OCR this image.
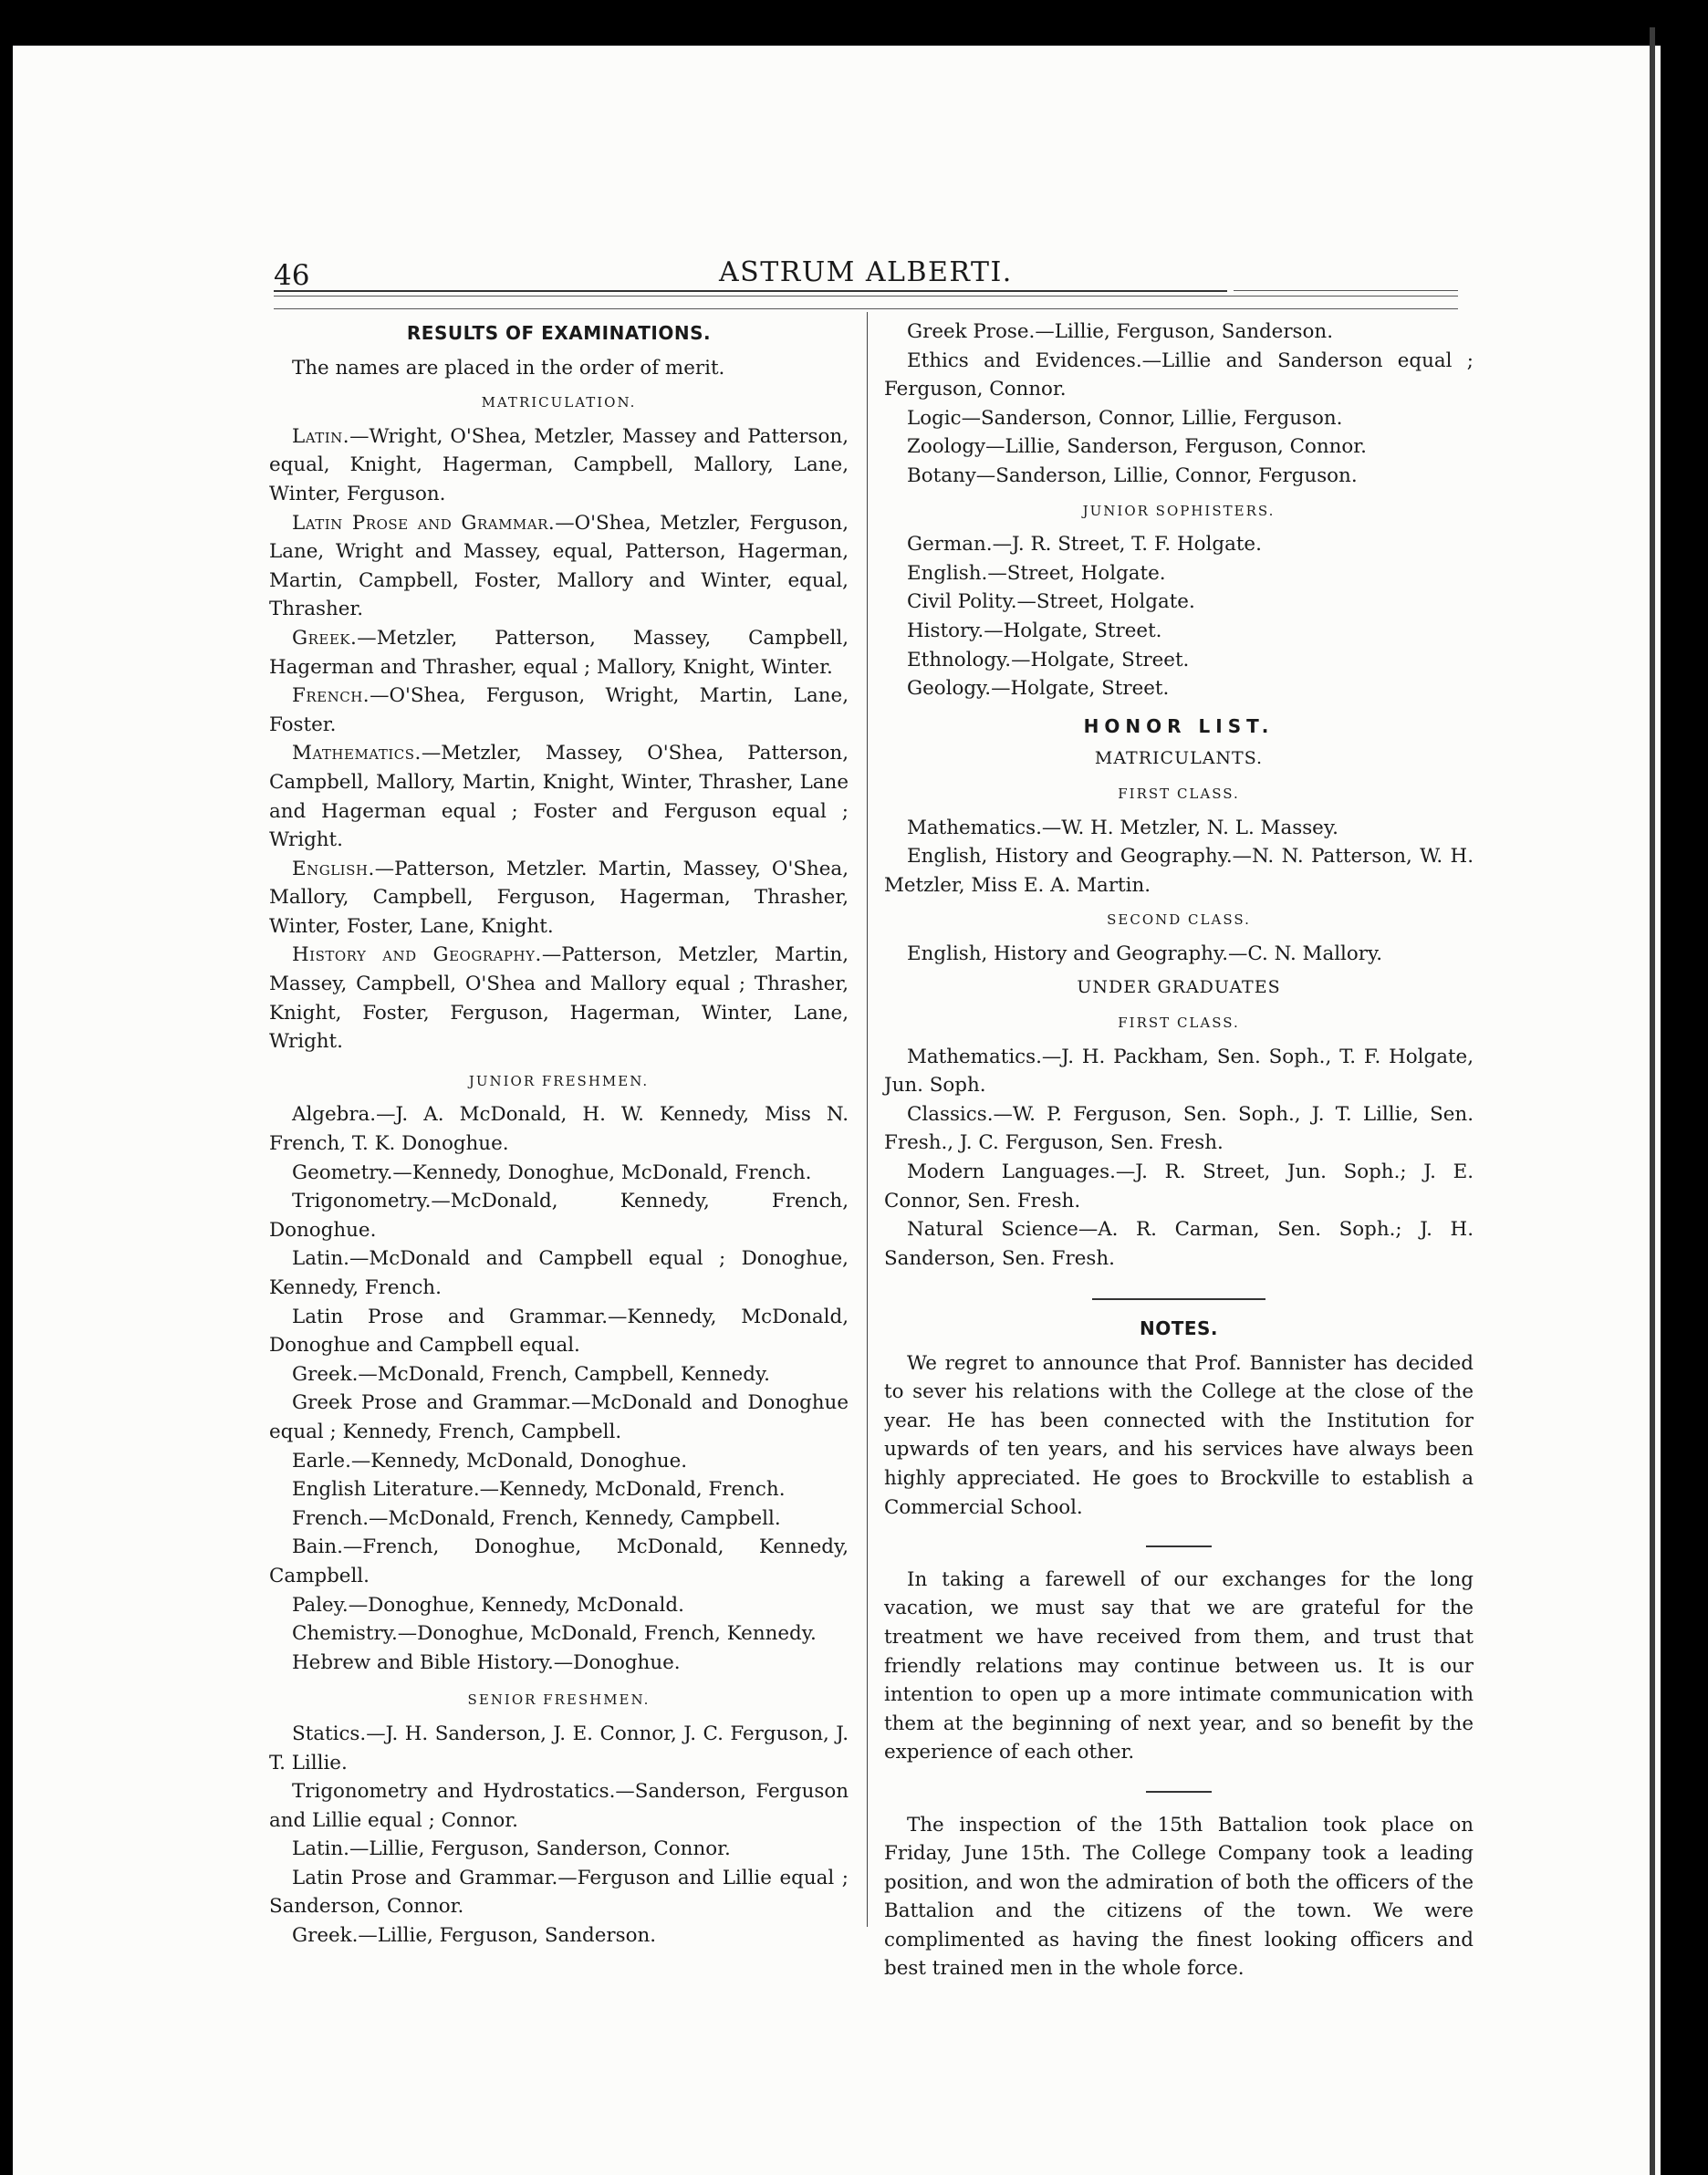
46	ASTRUM ALBERTI.
RESULTS OF EXAMINATIONS.

The names are placed in the order of merit.

MATRICULATION.

Latin.—Wright, O'Shea, Metzler, Massey and Patterson, equal, Knight, Hagerman, Campbell, Mallory, Lane, Winter, Ferguson.

Latin Prose and Grammar.—O'Shea, Metzler, Ferguson, Lane, Wright and Massey, equal, Patterson, Hagerman, Martin, Campbell, Foster, Mallory and Winter, equal, Thrasher.

Greek.—Metzler, Patterson, Massey, Campbell, Hagerman and Thrasher, equal ; Mallory, Knight, Winter.

French.—O'Shea, Ferguson, Wright, Martin, Lane, Foster.

Mathematics.—Metzler, Massey, O'Shea, Patterson, Campbell, Mallory, Martin, Knight, Winter, Thrasher, Lane and Hagerman equal ; Foster and Ferguson equal ; Wright.

English.—Patterson, Metzler. Martin, Massey, O'Shea, Mallory, Campbell, Ferguson, Hagerman, Thrasher, Winter, Foster, Lane, Knight.

History and Geography.—Patterson, Metzler, Martin, Massey, Campbell, O'Shea and Mallory equal ; Thrasher, Knight, Foster, Ferguson, Hagerman, Winter, Lane, Wright.

JUNIOR FRESHMEN.

Algebra.—J. A. McDonald, H. W. Kennedy, Miss N. French, T. K. Donoghue.

Geometry.—Kennedy, Donoghue, McDonald, French.

Trigonometry.—McDonald, Kennedy, French, Donoghue.

Latin.—McDonald and Campbell equal ; Donoghue, Kennedy, French.

Latin Prose and Grammar.—Kennedy, McDonald, Donoghue and Campbell equal.

Greek.—McDonald, French, Campbell, Kennedy.

Greek Prose and Grammar.—McDonald and Donoghue equal ; Kennedy, French, Campbell.

Earle.—Kennedy, McDonald, Donoghue.

English Literature.—Kennedy, McDonald, French.

French.—McDonald, French, Kennedy, Campbell.

Bain.—French, Donoghue, McDonald, Kennedy, Campbell.

Paley.—Donoghue, Kennedy, McDonald.

Chemistry.—Donoghue, McDonald, French, Kennedy.

Hebrew and Bible History.—Donoghue.

SENIOR FRESHMEN.

Statics.—J. H. Sanderson, J. E. Connor, J. C. Ferguson, J. T. Lillie.

Trigonometry and Hydrostatics.—Sanderson, Ferguson and Lillie equal ; Connor.

Latin.—Lillie, Ferguson, Sanderson, Connor.

Latin Prose and Grammar.—Ferguson and Lillie equal ; Sanderson, Connor.

Greek.—Lillie, Ferguson, Sanderson.

Greek Prose.—Lillie, Ferguson, Sanderson.

Ethics and Evidences.—Lillie and Sanderson equal ; Ferguson, Connor.

Logic—Sanderson, Connor, Lillie, Ferguson.

Zoology—Lillie, Sanderson, Ferguson, Connor.

Botany—Sanderson, Lillie, Connor, Ferguson.

JUNIOR SOPHISTERS.

German.—J. R. Street, T. F. Holgate.

English.—Street, Holgate.

Civil Polity.—Street, Holgate.

History.—Holgate, Street.

Ethnology.—Holgate, Street.

Geology.—Holgate, Street.

HONOR LIST.
MATRICULANTS.
FIRST CLASS.

Mathematics.—W. H. Metzler, N. L. Massey.

English, History and Geography.—N. N. Patterson, W. H. Metzler, Miss E. A. Martin.

SECOND CLASS.

English, History and Geography.—C. N. Mallory.

UNDER GRADUATES
FIRST CLASS.

Mathematics.—J. H. Packham, Sen. Soph., T. F. Holgate, Jun. Soph.

Classics.—W. P. Ferguson, Sen. Soph., J. T. Lillie, Sen. Fresh., J. C. Ferguson, Sen. Fresh.

Modern Languages.—J. R. Street, Jun. Soph.; J. E. Connor, Sen. Fresh.

Natural Science—A. R. Carman, Sen. Soph.; J. H. Sanderson, Sen. Fresh.

NOTES.

We regret to announce that Prof. Bannister has decided to sever his relations with the College at the close of the year. He has been connected with the Institution for upwards of ten years, and his services have always been highly appreciated. He goes to Brockville to establish a Commercial School.

In taking a farewell of our exchanges for the long vacation, we must say that we are grateful for the treatment we have received from them, and trust that friendly relations may continue between us. It is our intention to open up a more intimate communication with them at the beginning of next year, and so benefit by the experience of each other.

The inspection of the 15th Battalion took place on Friday, June 15th. The College Company took a leading position, and won the admiration of both the officers of the Battalion and the citizens of the town. We were complimented as having the finest looking officers and best trained men in the whole force.
